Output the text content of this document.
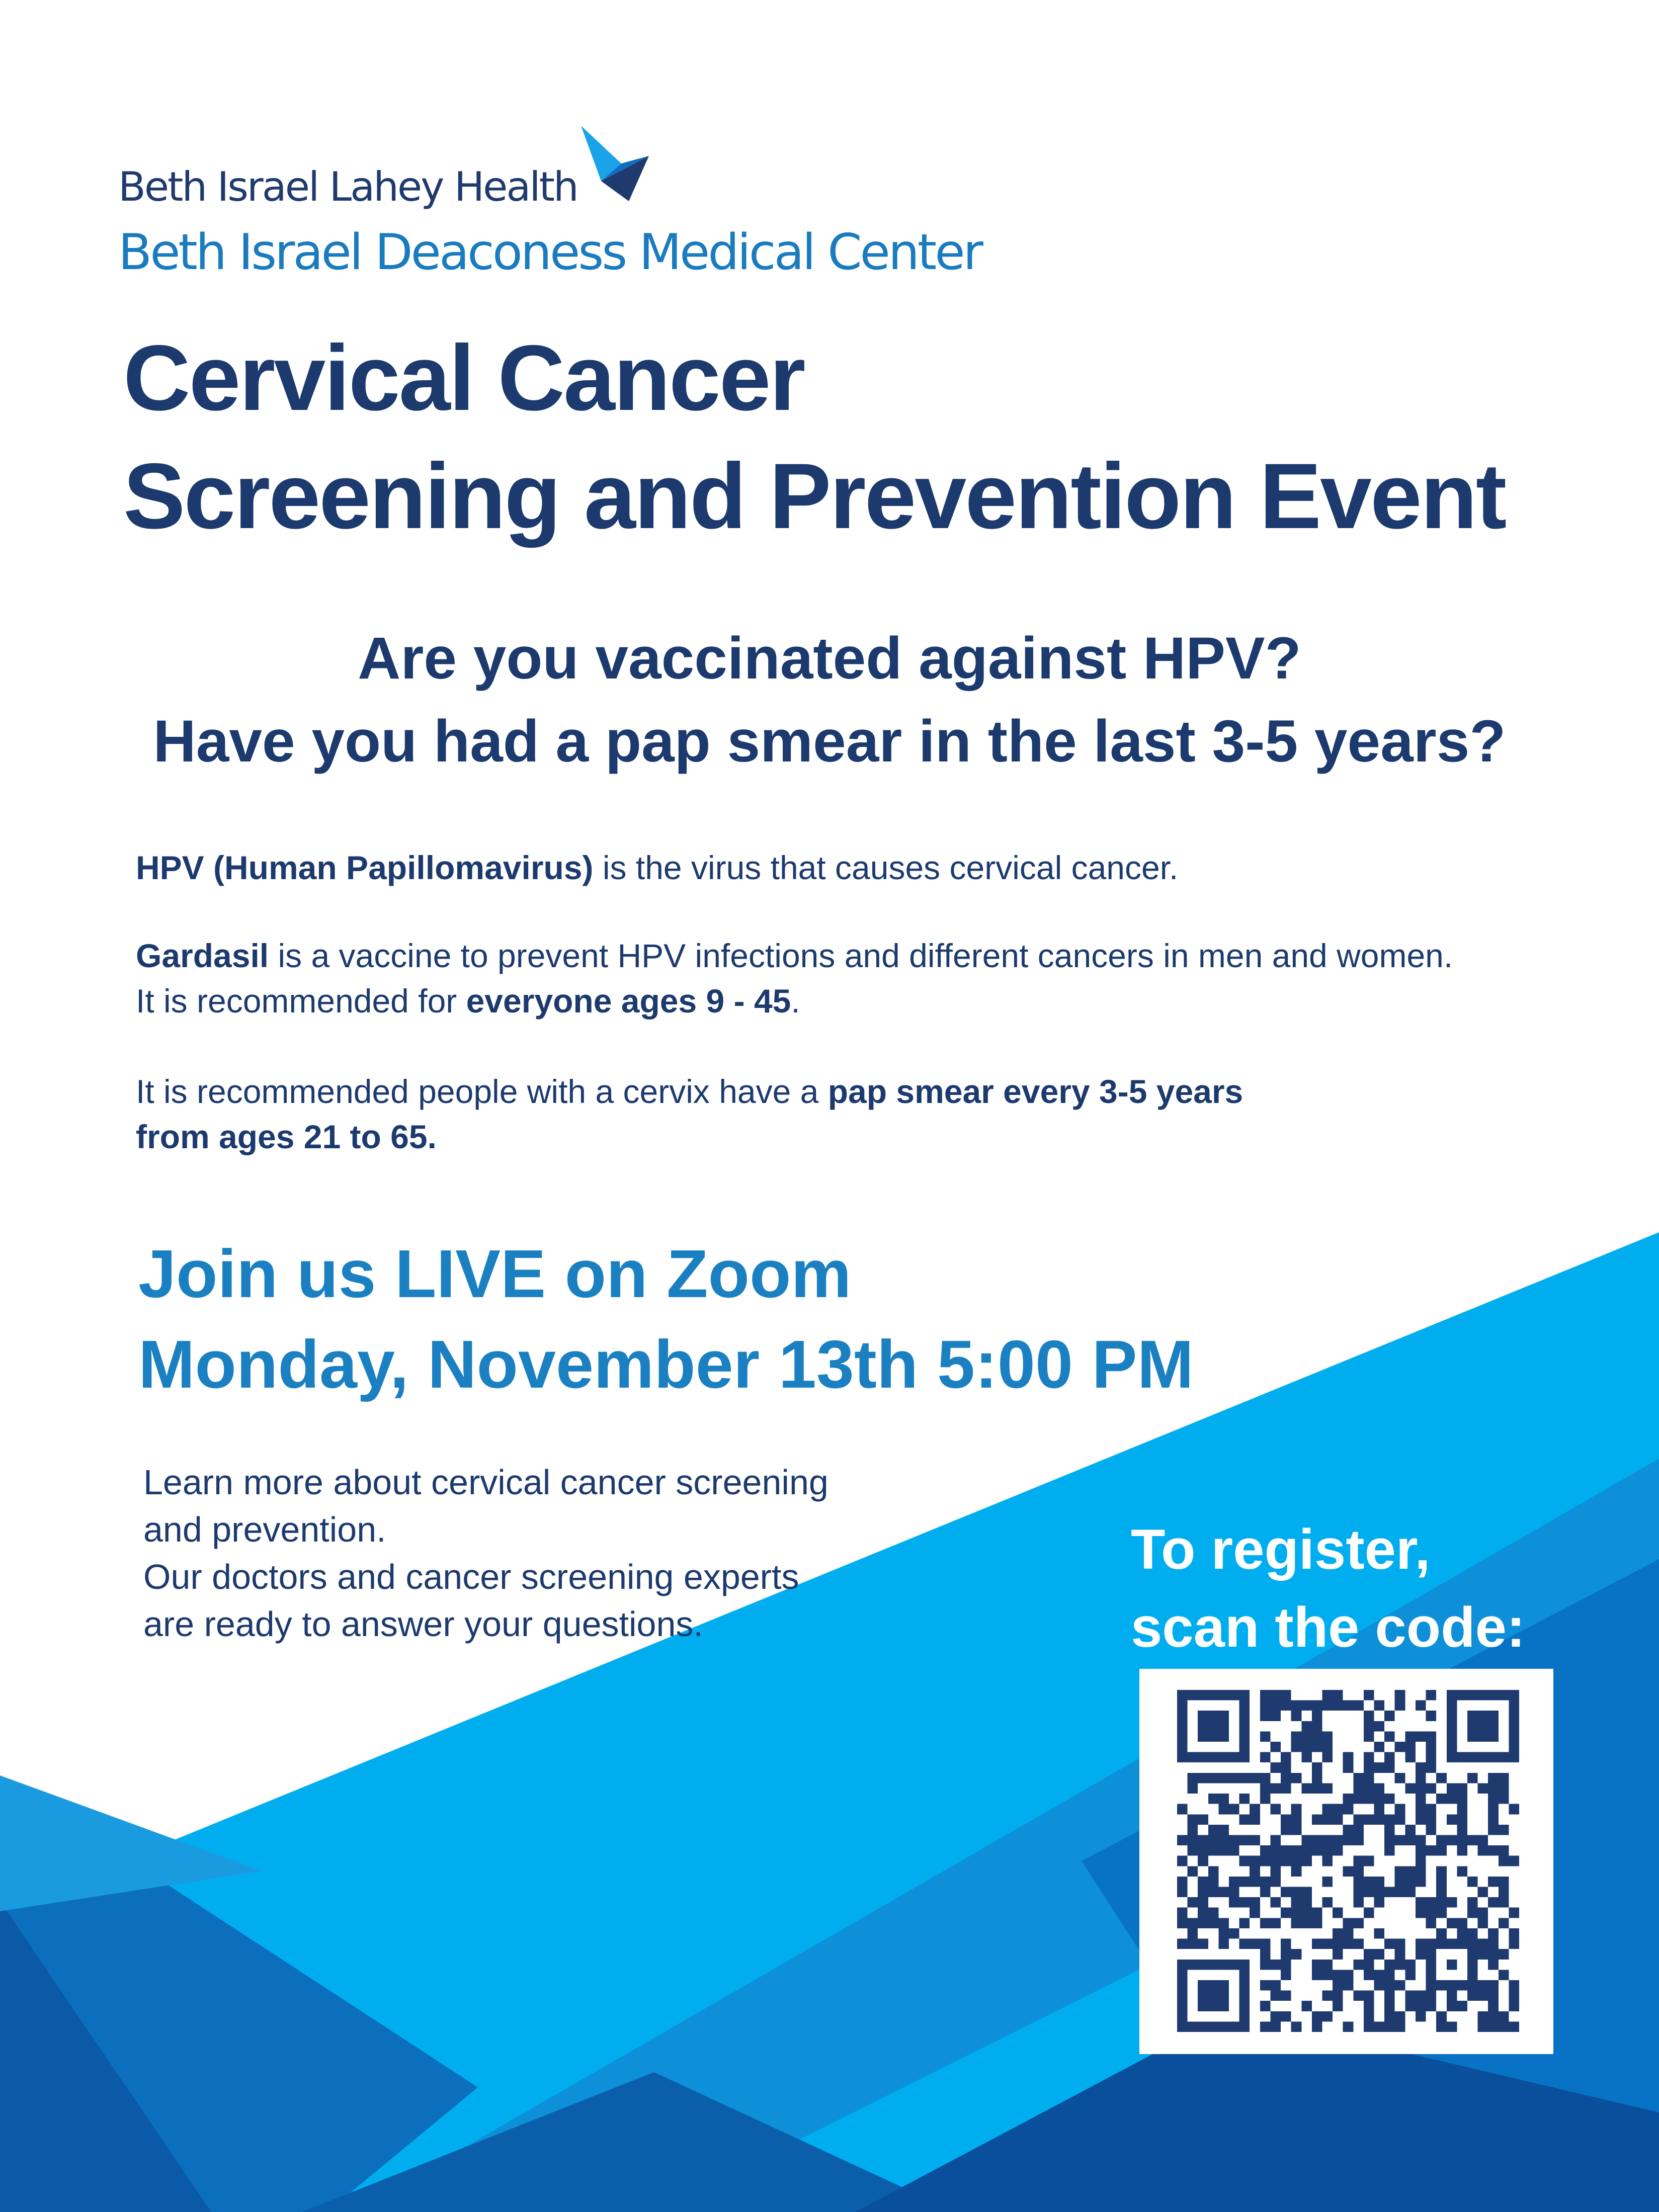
Beth Israel Lahey Health
Beth Israel Deaconess Medical Center
Cervical Cancer
Screening and Prevention Event
Are you vaccinated against HPV?
Have you had a pap smear in the last 3-5 years?

HPV (Human Papillomavirus) is the virus that causes cervical cancer.

Gardasil is a vaccine to prevent HPV infections and different cancers in men and women.
It is recommended for everyone ages 9 - 45.

It is recommended people with a cervix have a pap smear every 3-5 years
from ages 21 to 65.

Join us LIVE on Zoom
Monday, November 13th 5:00 PM

Learn more about cervical cancer screening
and prevention.

Our doctors and cancer screening experts
are ready to answer your questions.

To register,
scan the code:
